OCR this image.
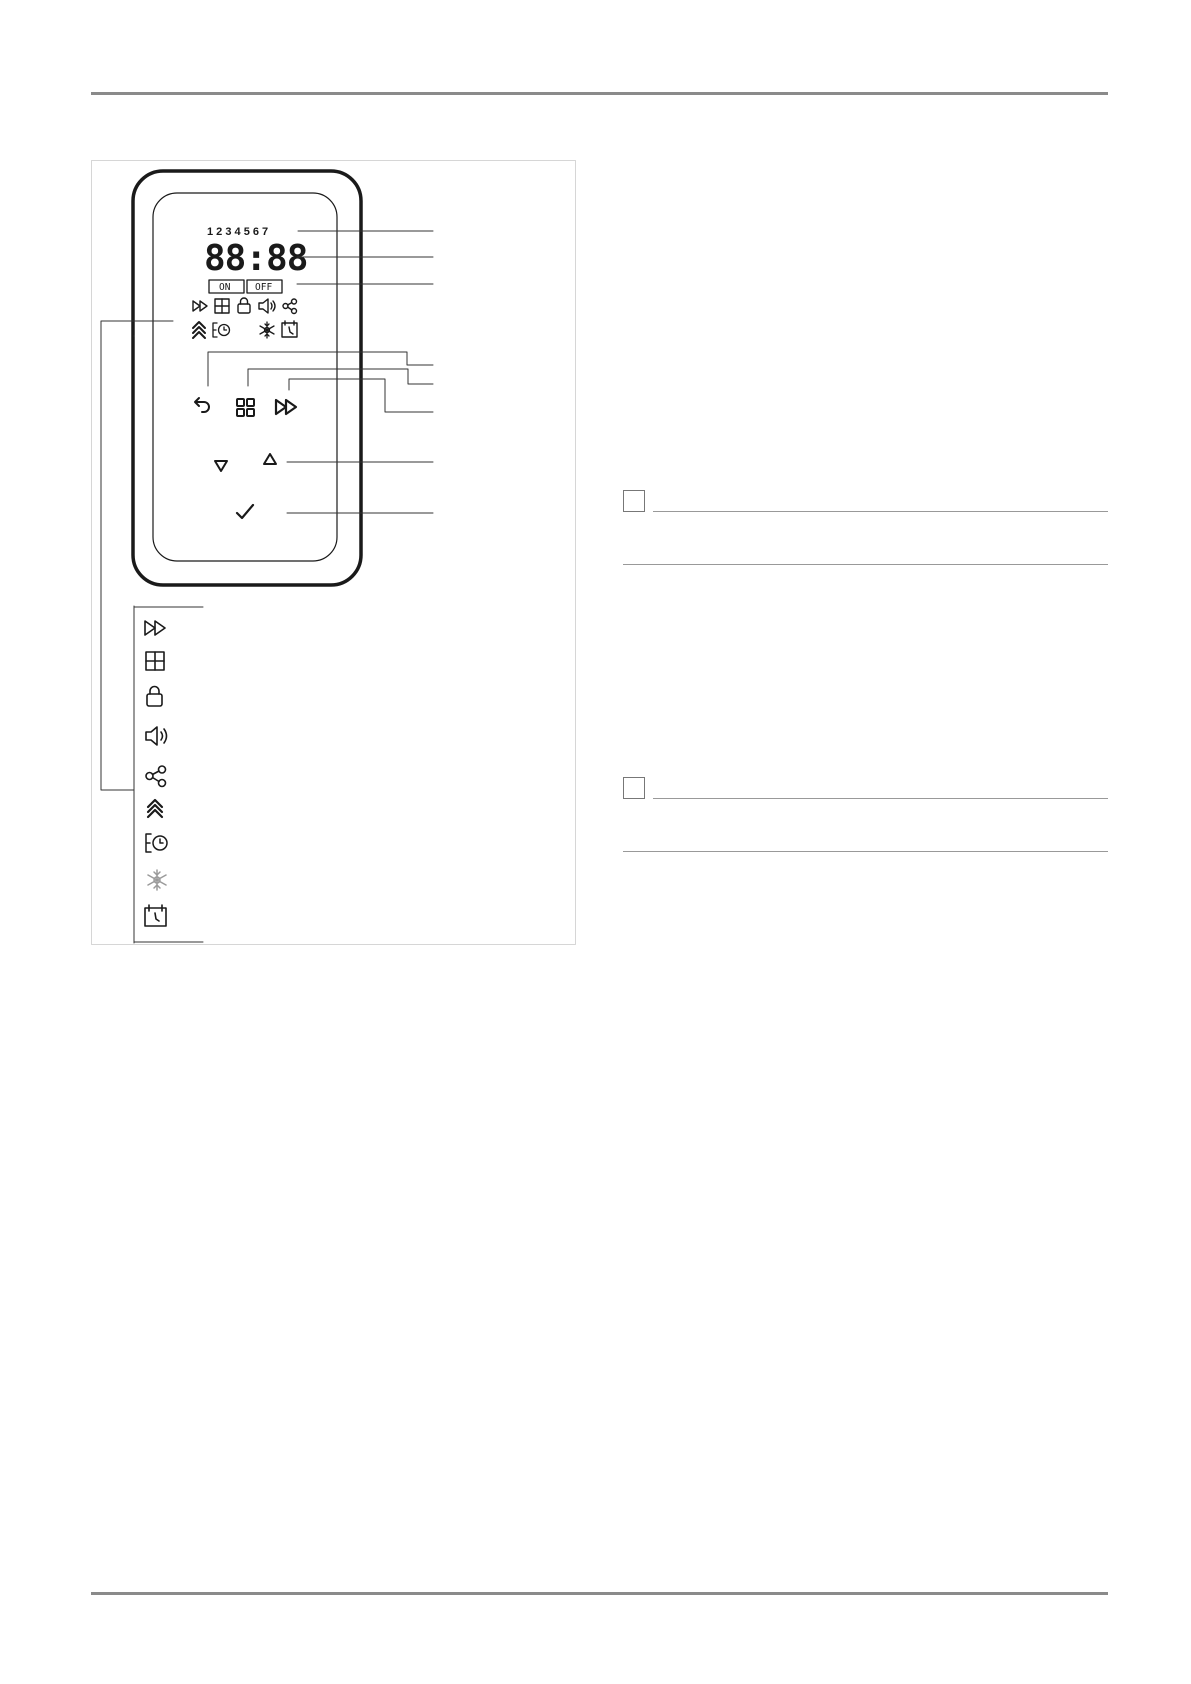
1 2 3 4 5 6 7
88:88
ON	OFF
